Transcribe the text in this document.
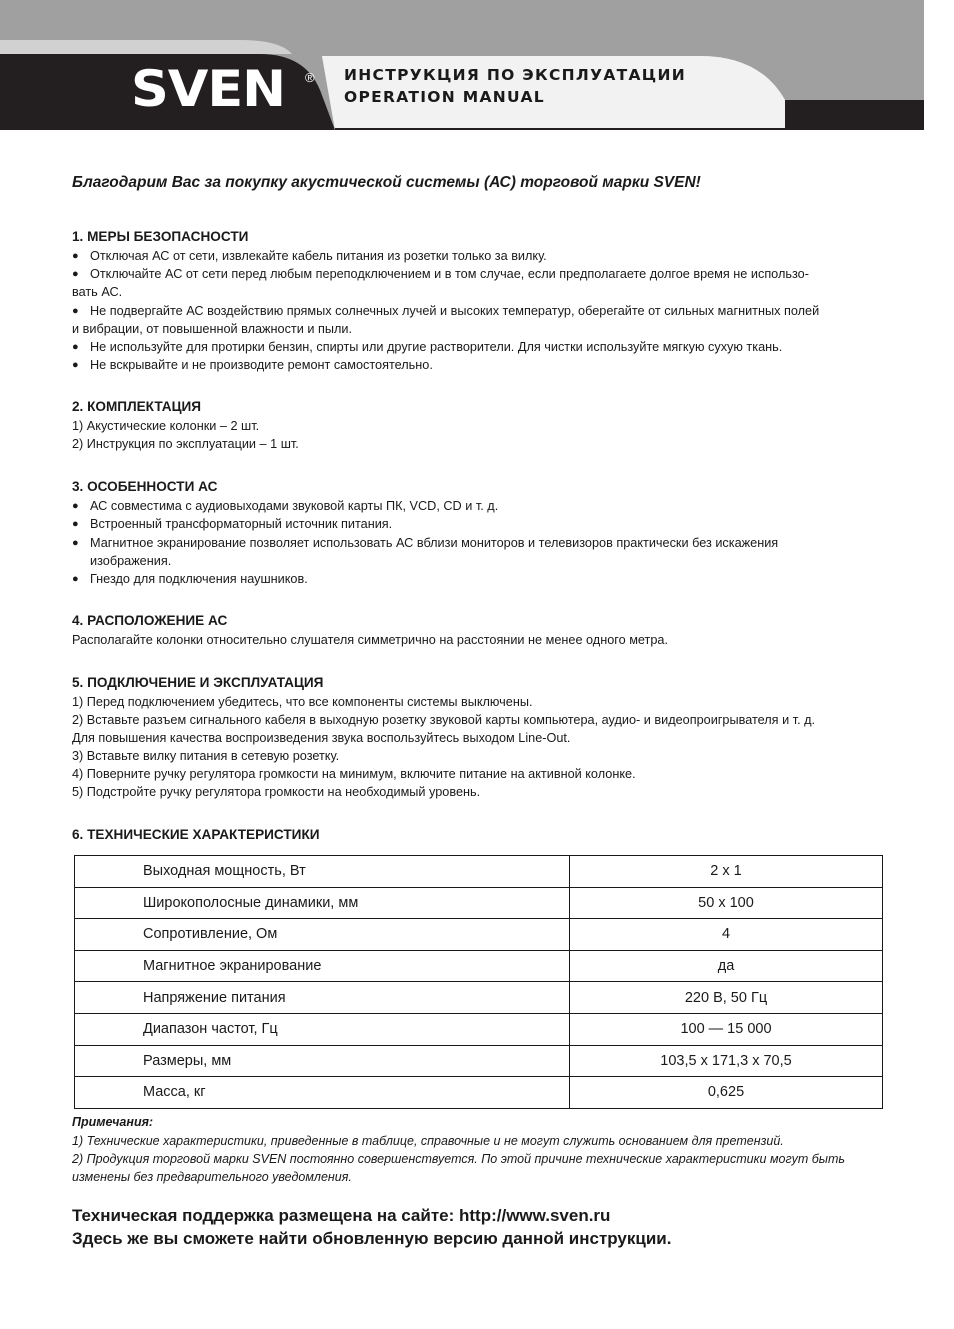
SVEN ® ИНСТРУКЦИЯ ПО ЭКСПЛУАТАЦИИ
OPERATION MANUAL
Благодарим Вас за покупку акустической системы (АС) торговой марки SVEN!
1. МЕРЫ БЕЗОПАСНОСТИ
● Отключая АС от сети, извлекайте кабель питания из розетки только за вилку.
● Отключайте АС от сети перед любым переподключением и в том случае, если предполагаете долгое время не использо-
вать АС.
● Не подвергайте АС воздействию прямых солнечных лучей и высоких температур, оберегайте от сильных магнитных полей
и вибрации, от повышенной влажности и пыли.
● Не используйте для протирки бензин, спирты или другие растворители. Для чистки используйте мягкую сухую ткань.
● Не вскрывайте и не производите ремонт самостоятельно.
2. КОМПЛЕКТАЦИЯ
1) Акустические колонки – 2 шт.
2) Инструкция по эксплуатации – 1 шт.
3. ОСОБЕННОСТИ АС
● АС совместима с аудиовыходами звуковой карты ПК, VCD, CD и т. д.
● Встроенный трансформаторный источник питания.
● Магнитное экранирование позволяет использовать АС вблизи мониторов и телевизоров практически без искажения
изображения.
● Гнездо для подключения наушников.
4. РАСПОЛОЖЕНИЕ АС
Располагайте колонки относительно слушателя симметрично на расстоянии не менее одного метра.
5. ПОДКЛЮЧЕНИЕ И ЭКСПЛУАТАЦИЯ
1) Перед подключением убедитесь, что все компоненты системы выключены.
2) Вставьте разъем сигнального кабеля в выходную розетку звуковой карты компьютера, аудио- и видеопроигрывателя и т. д.
Для повышения качества воспроизведения звука воспользуйтесь выходом Line-Out.
3) Вставьте вилку питания в сетевую розетку.
4) Поверните ручку регулятора громкости на минимум, включите питание на активной колонке.
5) Подстройте ручку регулятора громкости на необходимый уровень.
6. ТЕХНИЧЕСКИЕ ХАРАКТЕРИСТИКИ
Выходная мощность, Вт	2 x 1
Широкополосные динамики, мм	50 x 100
Сопротивление, Ом	4
Магнитное экранирование	да
Напряжение питания	220 В, 50 Гц
Диапазон частот, Гц	100 — 15 000
Размеры, мм	103,5 x 171,3 x 70,5
Масса, кг	0,625
Примечания:
1) Технические характеристики, приведенные в таблице, справочные и не могут служить основанием для претензий.
2) Продукция торговой марки SVEN постоянно совершенствуется. По этой причине технические характеристики могут быть
изменены без предварительного уведомления.
Техническая поддержка размещена на сайте: http://www.sven.ru
Здесь же вы сможете найти обновленную версию данной инструкции.
